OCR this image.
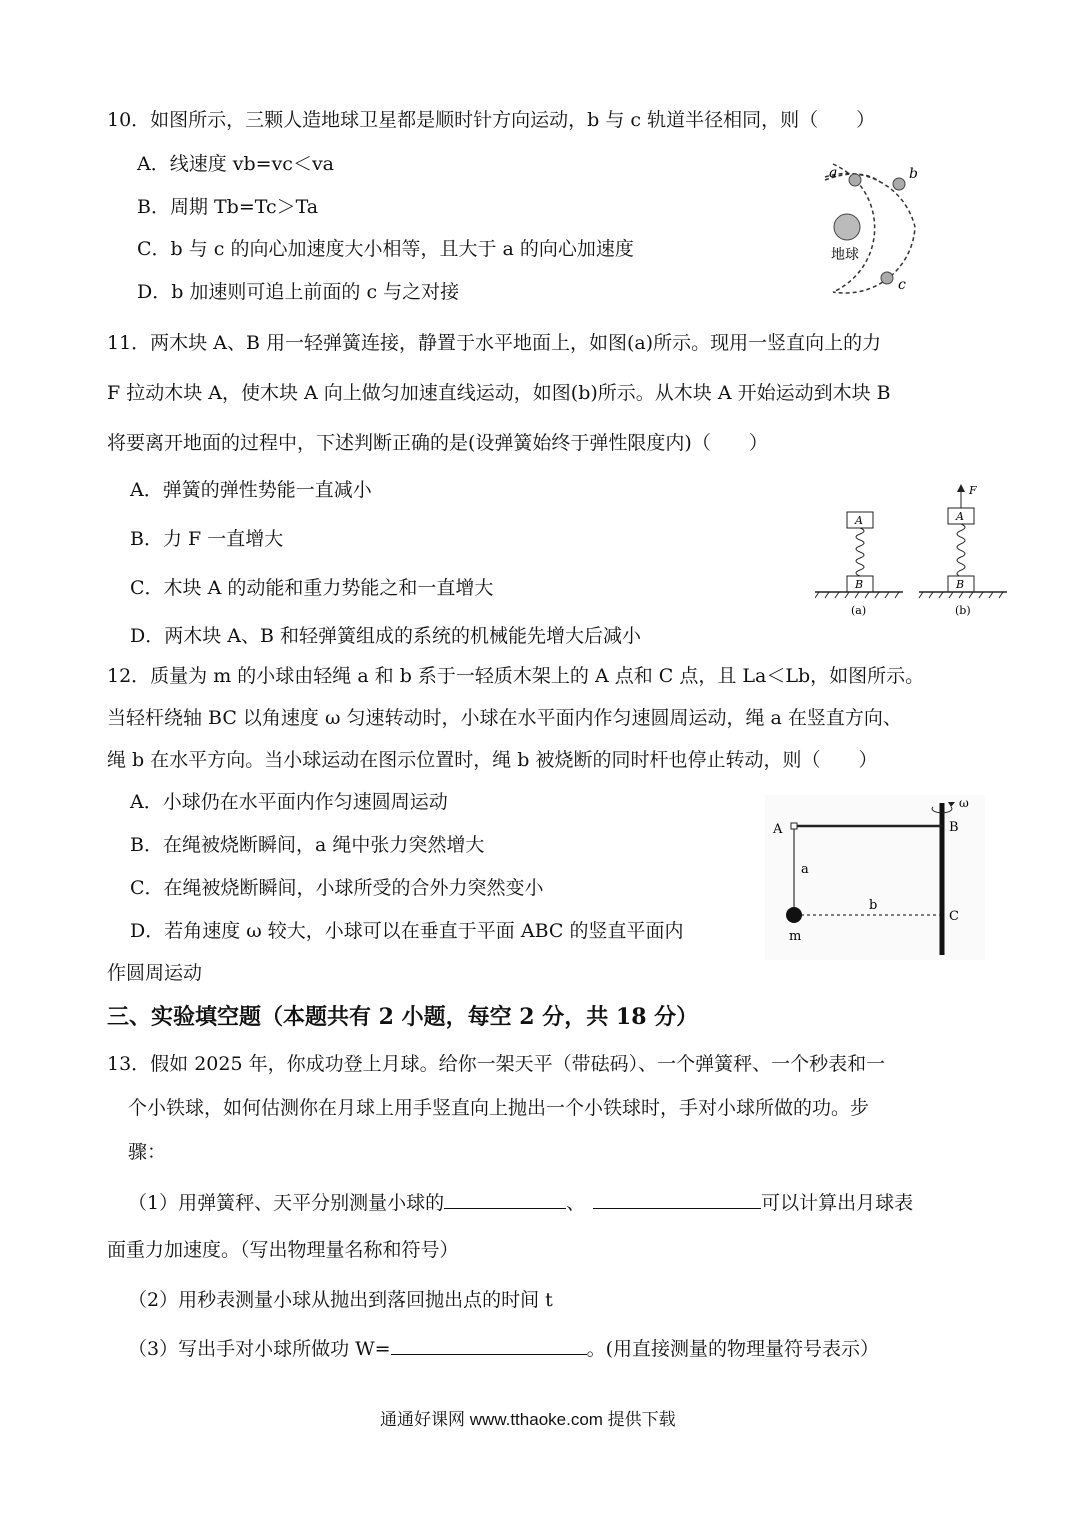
10．如图所示，三颗人造地球卫星都是顺时针方向运动，b 与 c 轨道半径相同，则（　　）
A．线速度 vb=vc＜va
B．周期 Tb=Tc＞Ta
C．b 与 c 的向心加速度大小相等，且大于 a 的向心加速度
D．b 加速则可追上前面的 c 与之对接
地球
a	b
c
11．两木块 A、B 用一轻弹簧连接，静置于水平地面上，如图(a)所示。现用一竖直向上的力
F 拉动木块 A，使木块 A 向上做匀加速直线运动，如图(b)所示。从木块 A 开始运动到木块 B
将要离开地面的过程中，下述判断正确的是(设弹簧始终于弹性限度内)（　　）
A．弹簧的弹性势能一直减小
B．力 F 一直增大
C．木块 A 的动能和重力势能之和一直增大
D．两木块 A、B 和轻弹簧组成的系统的机械能先增大后减小
A
B
(a)
F
A
B
(b)
12．质量为 m 的小球由轻绳 a 和 b 系于一轻质木架上的 A 点和 C 点，且 La＜Lb，如图所示。
当轻杆绕轴 BC 以角速度 ω 匀速转动时，小球在水平面内作匀速圆周运动，绳 a 在竖直方向、
绳 b 在水平方向。当小球运动在图示位置时，绳 b 被烧断的同时杆也停止转动，则（　　）
A．小球仍在水平面内作匀速圆周运动
B．在绳被烧断瞬间，a 绳中张力突然增大
C．在绳被烧断瞬间，小球所受的合外力突然变小
D．若角速度 ω 较大，小球可以在垂直于平面 ABC 的竖直平面内
作圆周运动
ω
A	B
C
a
b
m
三、实验填空题（本题共有 2 小题，每空 2 分，共 18 分）
13．假如 2025 年，你成功登上月球。给你一架天平（带砝码）、一个弹簧秤、一个秒表和一
个小铁球，如何估测你在月球上用手竖直向上抛出一个小铁球时，手对小球所做的功。步
骤：
（1）用弹簧秤、天平分别测量小球的	、	可以计算出月球表
面重力加速度。（写出物理量名称和符号）
（2）用秒表测量小球从抛出到落回抛出点的时间 t
（3）写出手对小球所做功 W=	。(用直接测量的物理量符号表示）
通通好课网 www.tthaoke.com 提供下载
